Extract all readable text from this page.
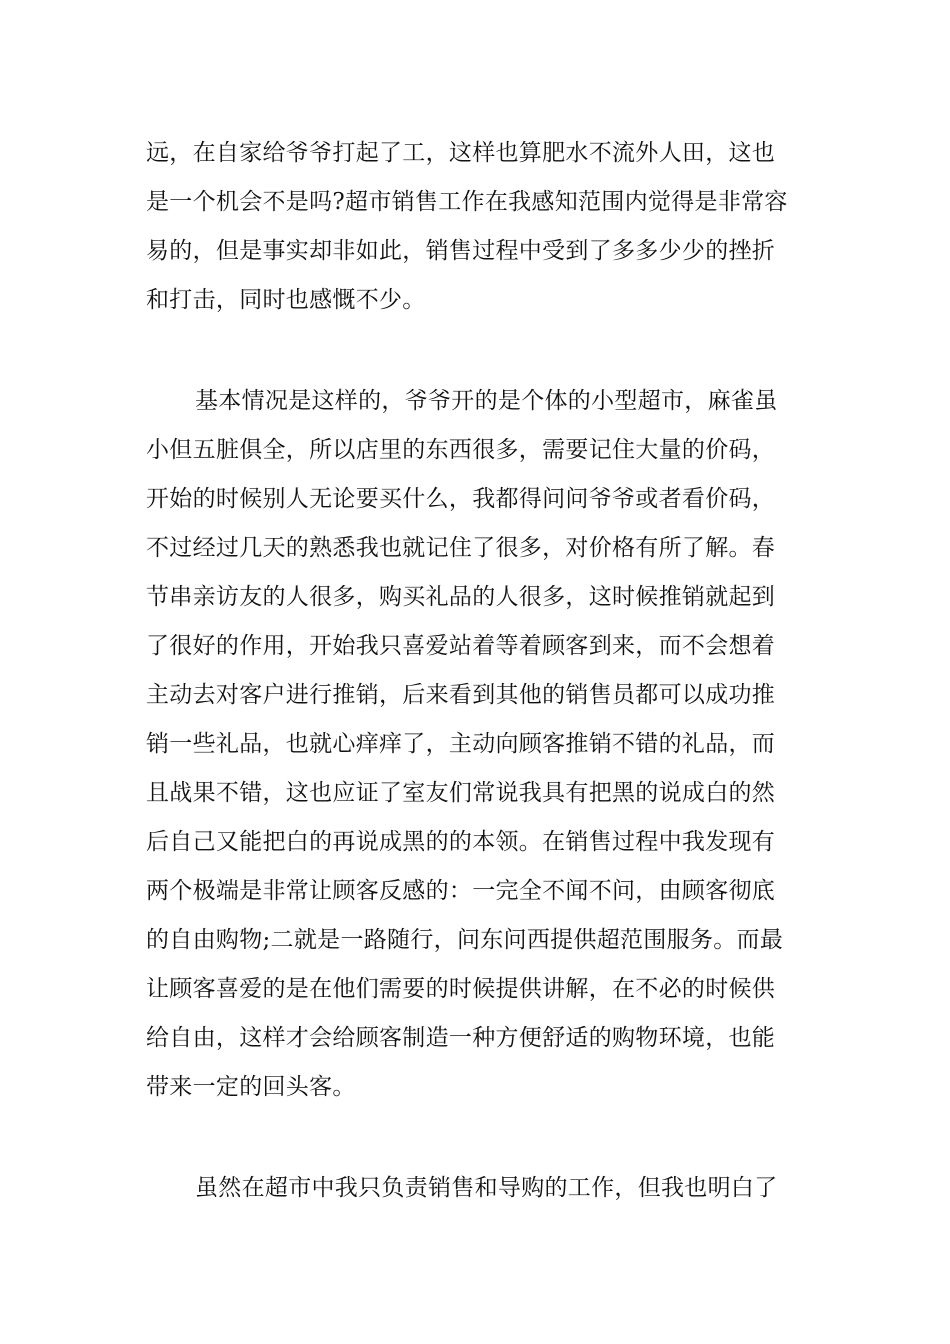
远，在自家给爷爷打起了工，这样也算肥水不流外人田，这也
是一个机会不是吗?超市销售工作在我感知范围内觉得是非常容
易的，但是事实却非如此，销售过程中受到了多多少少的挫折
和打击，同时也感慨不少。
基本情况是这样的，爷爷开的是个体的小型超市，麻雀虽
小但五脏俱全，所以店里的东西很多，需要记住大量的价码，
开始的时候别人无论要买什么，我都得问问爷爷或者看价码，
不过经过几天的熟悉我也就记住了很多，对价格有所了解。春
节串亲访友的人很多，购买礼品的人很多，这时候推销就起到
了很好的作用，开始我只喜爱站着等着顾客到来，而不会想着
主动去对客户进行推销，后来看到其他的销售员都可以成功推
销一些礼品，也就心痒痒了，主动向顾客推销不错的礼品，而
且战果不错，这也应证了室友们常说我具有把黑的说成白的然
后自己又能把白的再说成黑的的本领。在销售过程中我发现有
两个极端是非常让顾客反感的：一完全不闻不问，由顾客彻底
的自由购物;二就是一路随行，问东问西提供超范围服务。而最
让顾客喜爱的是在他们需要的时候提供讲解，在不必的时候供
给自由，这样才会给顾客制造一种方便舒适的购物环境，也能
带来一定的回头客。
虽然在超市中我只负责销售和导购的工作，但我也明白了
